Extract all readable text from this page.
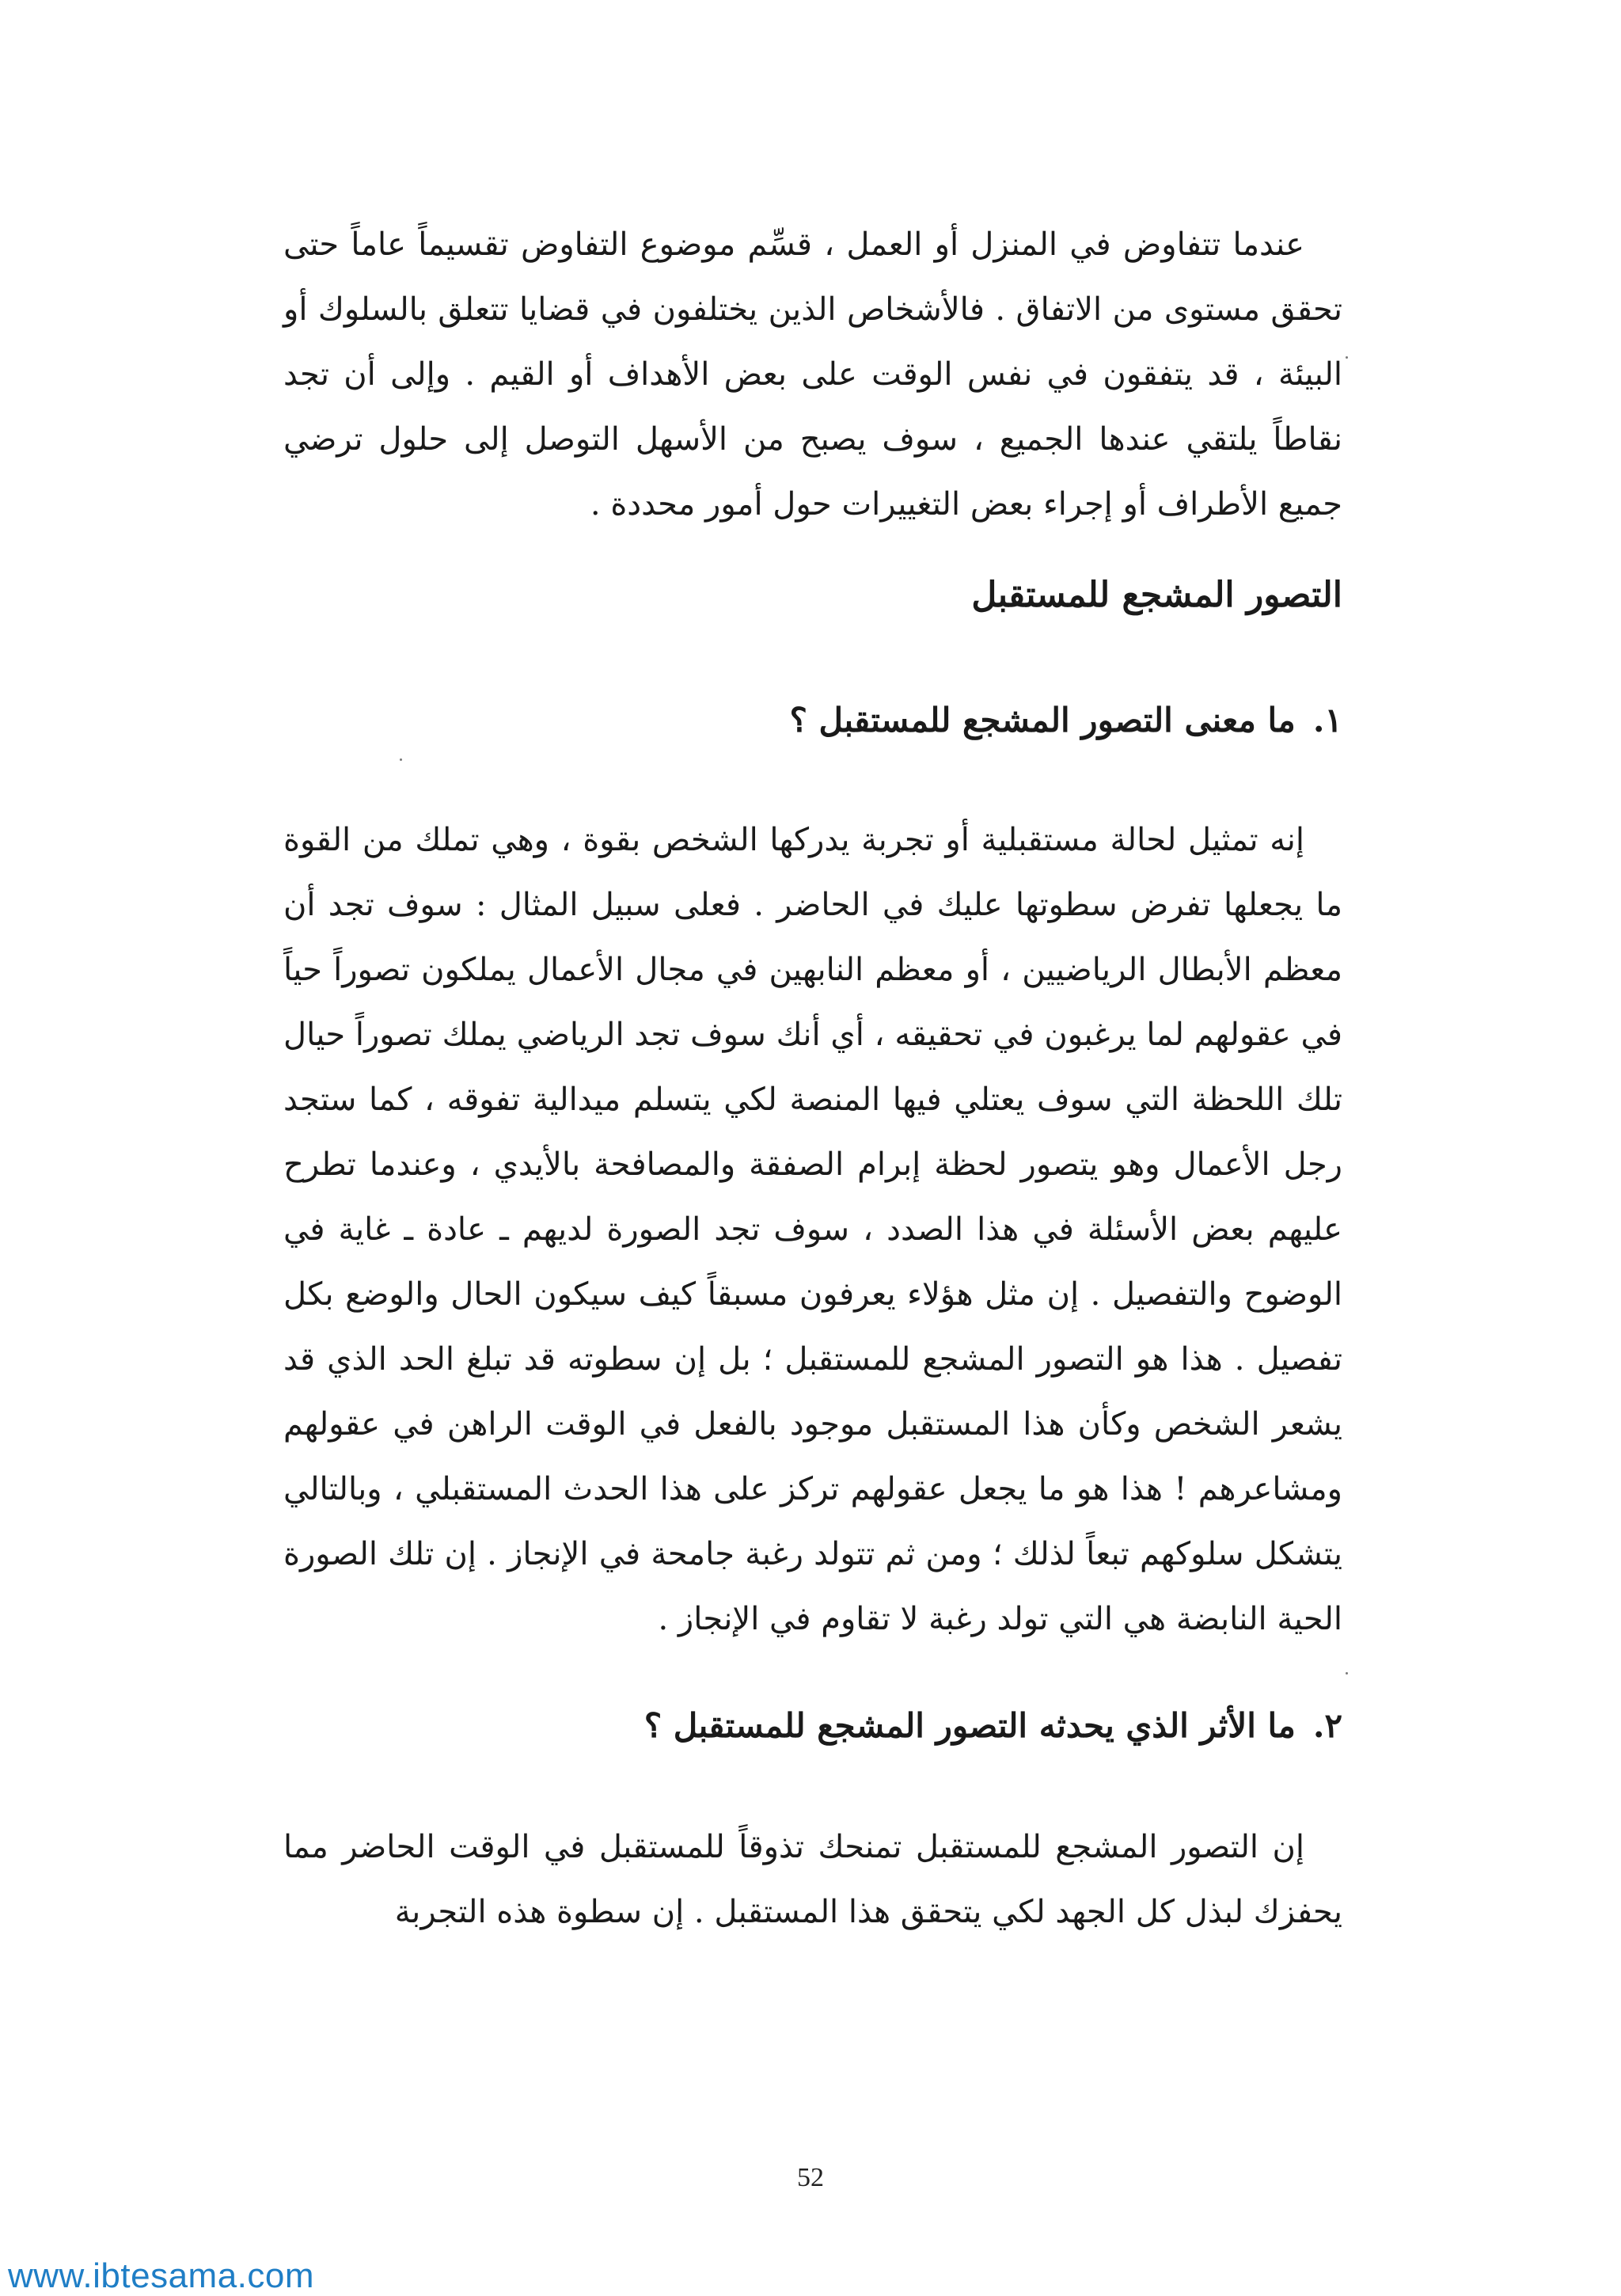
عندما تتفاوض في المنزل أو العمل ، قسِّم موضوع التفاوض تقسيماً عاماً حتى تحقق مستوى من الاتفاق . فالأشخاص الذين يختلفون في قضايا تتعلق بالسلوك أو البيئة ، قد يتفقون في نفس الوقت على بعض الأهداف أو القيم . وإلى أن تجد نقاطاً يلتقي عندها الجميع ، سوف يصبح من الأسهل التوصل إلى حلول ترضي جميع الأطراف أو إجراء بعض التغييرات حول أمور محددة .

التصور المشجع للمستقبل
١.ما معنى التصور المشجع للمستقبل ؟

إنه تمثيل لحالة مستقبلية أو تجربة يدركها الشخص بقوة ، وهي تملك من القوة ما يجعلها تفرض سطوتها عليك في الحاضر . فعلى سبيل المثال : سوف تجد أن معظم الأبطال الرياضيين ، أو معظم النابهين في مجال الأعمال يملكون تصوراً حياً في عقولهم لما يرغبون في تحقيقه ، أي أنك سوف تجد الرياضي يملك تصوراً حيال تلك اللحظة التي سوف يعتلي فيها المنصة لكي يتسلم ميدالية تفوقه ، كما ستجد رجل الأعمال وهو يتصور لحظة إبرام الصفقة والمصافحة بالأيدي ، وعندما تطرح عليهم بعض الأسئلة في هذا الصدد ، سوف تجد الصورة لديهم ـ عادة ـ غاية في الوضوح والتفصيل . إن مثل هؤلاء يعرفون مسبقاً كيف سيكون الحال والوضع بكل تفصيل . هذا هو التصور المشجع للمستقبل ؛ بل إن سطوته قد تبلغ الحد الذي قد يشعر الشخص وكأن هذا المستقبل موجود بالفعل في الوقت الراهن في عقولهم ومشاعرهم ! هذا هو ما يجعل عقولهم تركز على هذا الحدث المستقبلي ، وبالتالي يتشكل سلوكهم تبعاً لذلك ؛ ومن ثم تتولد رغبة جامحة في الإنجاز . إن تلك الصورة الحية النابضة هي التي تولد رغبة لا تقاوم في الإنجاز .

٢.ما الأثر الذي يحدثه التصور المشجع للمستقبل ؟

إن التصور المشجع للمستقبل تمنحك تذوقاً للمستقبل في الوقت الحاضر مما يحفزك لبذل كل الجهد لكي يتحقق هذا المستقبل . إن سطوة هذه التجربة

52
www.ibtesama.com
